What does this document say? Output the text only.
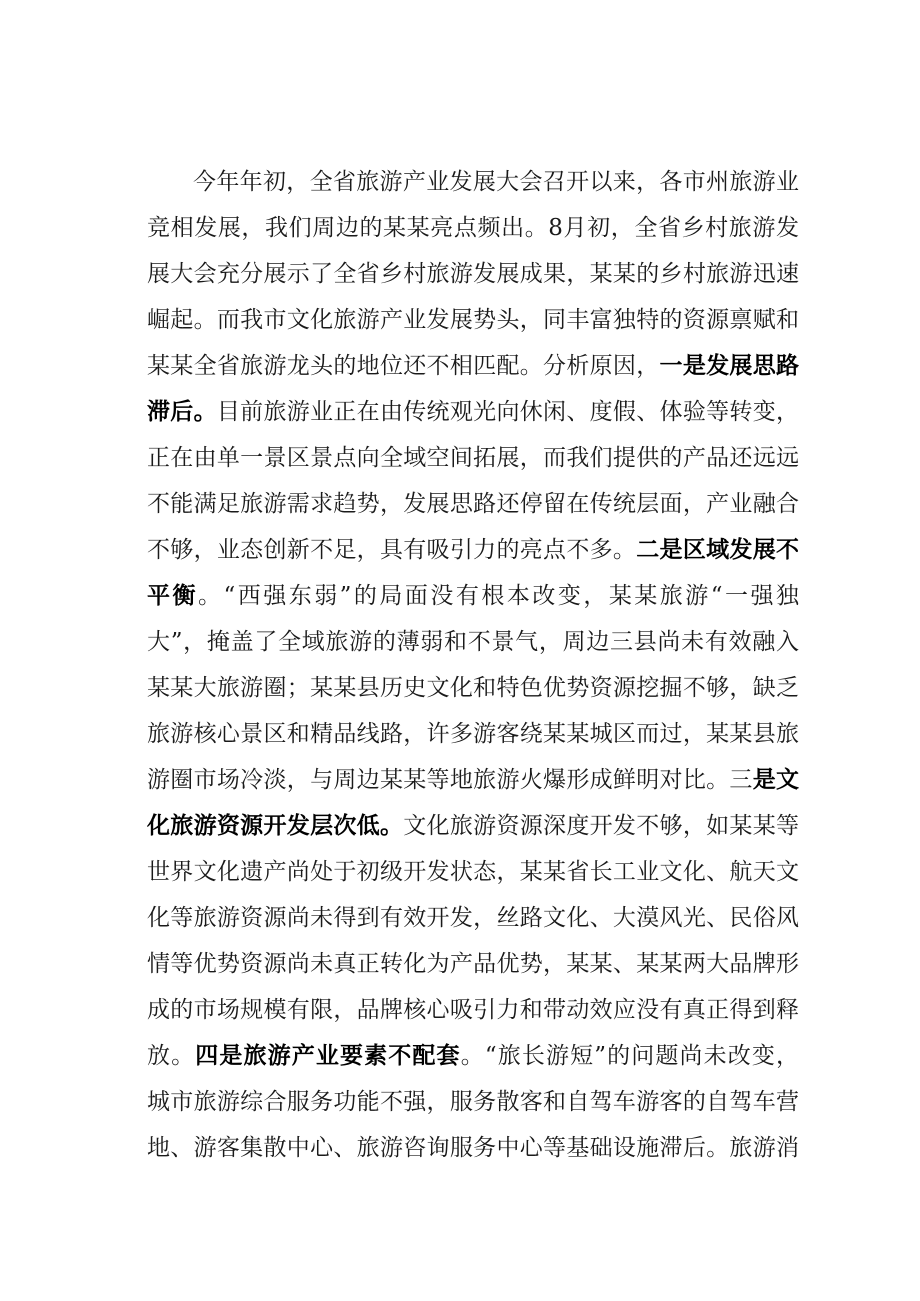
今年年初，全省旅游产业发展大会召开以来，各市州旅游业
竞相发展，我们周边的某某亮点频出。8月初，全省乡村旅游发
展大会充分展示了全省乡村旅游发展成果，某某的乡村旅游迅速
崛起。而我市文化旅游产业发展势头，同丰富独特的资源禀赋和
某某全省旅游龙头的地位还不相匹配。分析原因，一是发展思路
滞后。目前旅游业正在由传统观光向休闲、度假、体验等转变，
正在由单一景区景点向全域空间拓展，而我们提供的产品还远远
不能满足旅游需求趋势，发展思路还停留在传统层面，产业融合
不够，业态创新不足，具有吸引力的亮点不多。二是区域发展不
平衡。“西强东弱”的局面没有根本改变，某某旅游“一强独
大”，掩盖了全域旅游的薄弱和不景气，周边三县尚未有效融入
某某大旅游圈；某某县历史文化和特色优势资源挖掘不够，缺乏
旅游核心景区和精品线路，许多游客绕某某城区而过，某某县旅
游圈市场冷淡，与周边某某等地旅游火爆形成鲜明对比。三是文
化旅游资源开发层次低。文化旅游资源深度开发不够，如某某等
世界文化遗产尚处于初级开发状态，某某省长工业文化、航天文
化等旅游资源尚未得到有效开发，丝路文化、大漠风光、民俗风
情等优势资源尚未真正转化为产品优势，某某、某某两大品牌形
成的市场规模有限，品牌核心吸引力和带动效应没有真正得到释
放。四是旅游产业要素不配套。“旅长游短”的问题尚未改变，
城市旅游综合服务功能不强，服务散客和自驾车游客的自驾车营
地、游客集散中心、旅游咨询服务中心等基础设施滞后。旅游消
